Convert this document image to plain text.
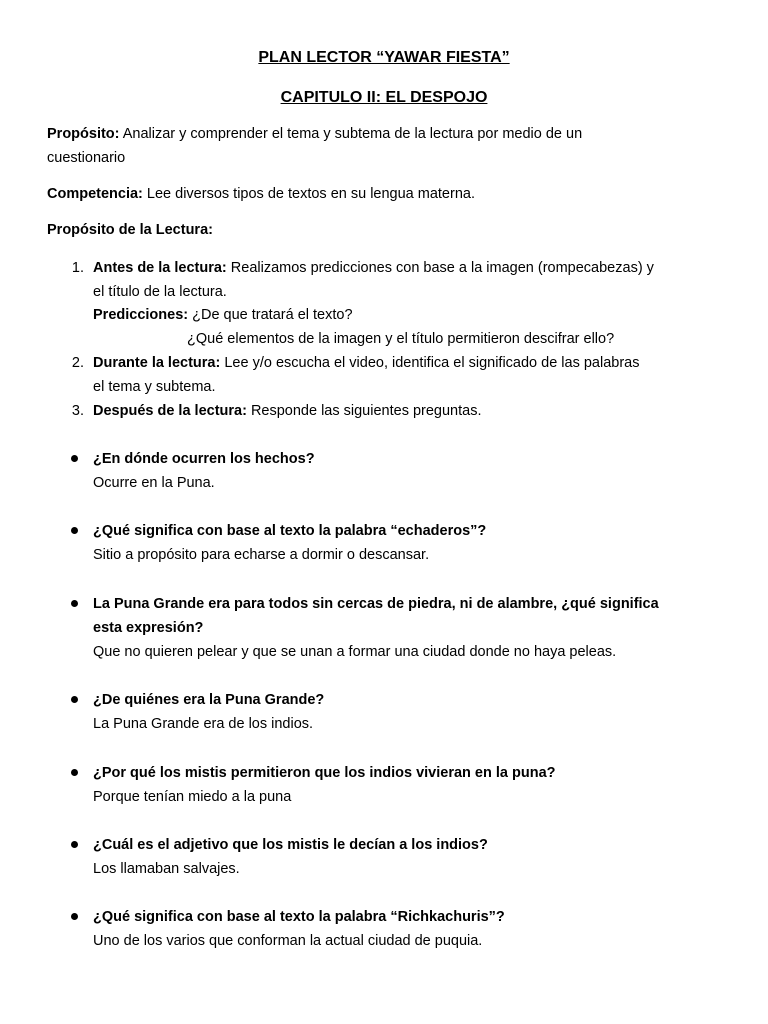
PLAN LECTOR “YAWAR FIESTA”
CAPITULO II: EL DESPOJO
Propósito: Analizar y comprender el tema y subtema de la lectura por medio de un
cuestionario
Competencia: Lee diversos tipos de textos en su lengua materna.
Propósito de la Lectura:
1. Antes de la lectura: Realizamos predicciones con base a la imagen (rompecabezas) y
el título de la lectura.
Predicciones: ¿De que tratará el texto?
¿Qué elementos de la imagen y el título permitieron descifrar ello?
2. Durante la lectura: Lee y/o escucha el video, identifica el significado de las palabras
el tema y subtema.
3. Después de la lectura: Responde las siguientes preguntas.
¿En dónde ocurren los hechos?
Ocurre en la Puna.
¿Qué significa con base al texto la palabra “echaderos”?
Sitio a propósito para echarse a dormir o descansar.
La Puna Grande era para todos sin cercas de piedra, ni de alambre, ¿qué significa
esta expresión?
Que no quieren pelear y que se unan a formar una ciudad donde no haya peleas.
¿De quiénes era la Puna Grande?
La Puna Grande era de los indios.
¿Por qué los mistis permitieron que los indios vivieran en la puna?
Porque tenían miedo a la puna
¿Cuál es el adjetivo que los mistis le decían a los indios?
Los llamaban salvajes.
¿Qué significa con base al texto la palabra “Richkachuris”?
Uno de los varios que conforman la actual ciudad de puquia.
